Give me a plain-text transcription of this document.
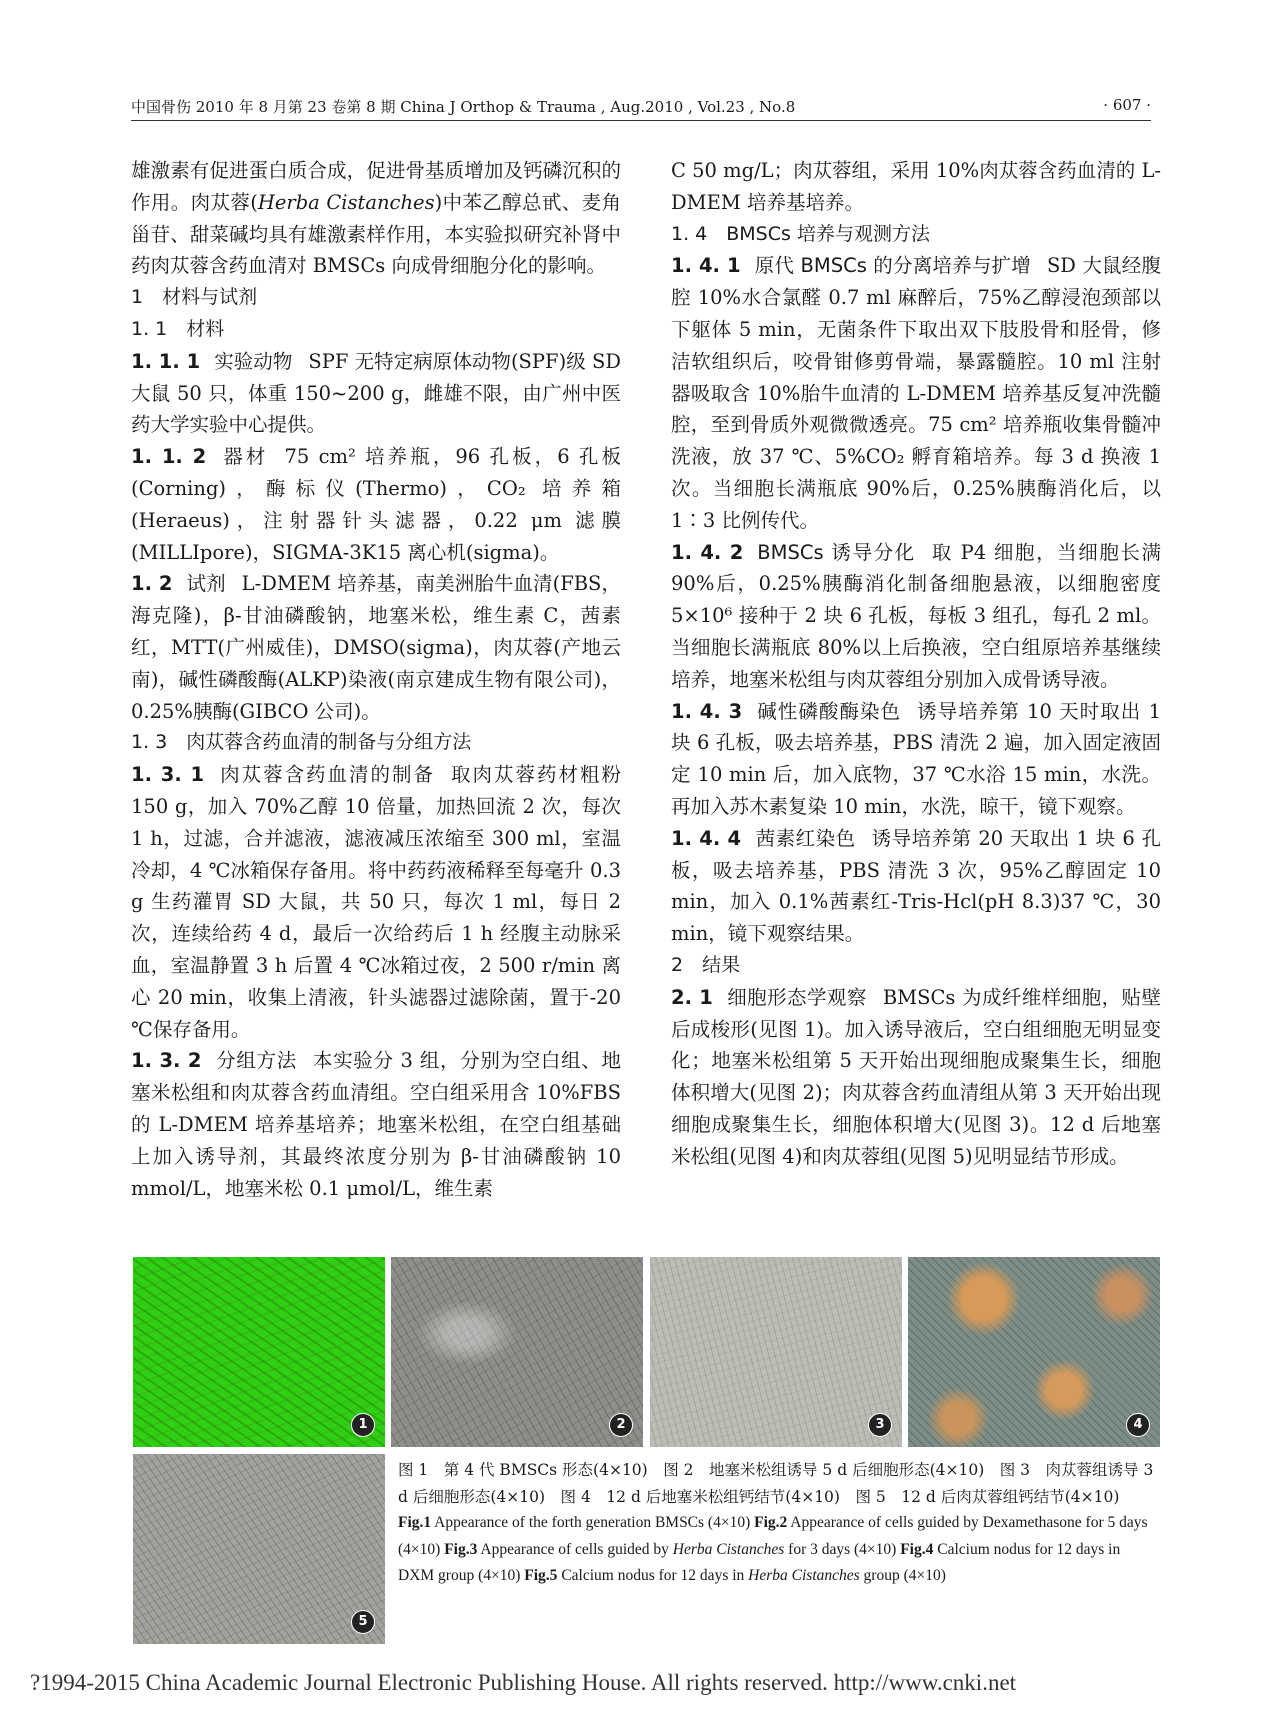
中国骨伤 2010 年 8 月第 23 卷第 8 期 China J Orthop & Trauma , Aug.2010 , Vol.23 , No.8	· 607 ·

雄激素有促进蛋白质合成，促进骨基质增加及钙磷沉积的作用。肉苁蓉(Herba Cistanches)中苯乙醇总甙、麦角甾苷、甜菜碱均具有雄激素样作用，本实验拟研究补肾中药肉苁蓉含药血清对 BMSCs 向成骨细胞分化的影响。

1　材料与试剂

1. 1　材料

1. 1. 1 实验动物 SPF 无特定病原体动物(SPF)级 SD 大鼠 50 只，体重 150~200 g，雌雄不限，由广州中医药大学实验中心提供。

1. 1. 2 器材 75 cm² 培养瓶，96 孔板，6 孔板(Corning)，酶标仪(Thermo)，CO₂ 培养箱 (Heraeus)，注射器针头滤器，0.22 μm 滤膜 (MILLIpore)，SIGMA-3K15 离心机(sigma)。

1. 2 试剂 L-DMEM 培养基，南美洲胎牛血清(FBS，海克隆)，β-甘油磷酸钠，地塞米松，维生素 C，茜素红，MTT(广州威佳)，DMSO(sigma)，肉苁蓉(产地云南)，碱性磷酸酶(ALKP)染液(南京建成生物有限公司)，0.25%胰酶(GIBCO 公司)。

1. 3　肉苁蓉含药血清的制备与分组方法

1. 3. 1 肉苁蓉含药血清的制备 取肉苁蓉药材粗粉 150 g，加入 70%乙醇 10 倍量，加热回流 2 次，每次 1 h，过滤，合并滤液，滤液减压浓缩至 300 ml，室温冷却，4 ℃冰箱保存备用。将中药药液稀释至每毫升 0.3 g 生药灌胃 SD 大鼠，共 50 只，每次 1 ml，每日 2 次，连续给药 4 d，最后一次给药后 1 h 经腹主动脉采血，室温静置 3 h 后置 4 ℃冰箱过夜，2 500 r/min 离心 20 min，收集上清液，针头滤器过滤除菌，置于-20 ℃保存备用。

1. 3. 2 分组方法 本实验分 3 组，分别为空白组、地塞米松组和肉苁蓉含药血清组。空白组采用含 10%FBS 的 L-DMEM 培养基培养；地塞米松组，在空白组基础上加入诱导剂，其最终浓度分别为 β-甘油磷酸钠 10 mmol/L，地塞米松 0.1 μmol/L，维生素

C 50 mg/L；肉苁蓉组，采用 10%肉苁蓉含药血清的 L-DMEM 培养基培养。

1. 4　BMSCs 培养与观测方法

1. 4. 1 原代 BMSCs 的分离培养与扩增 SD 大鼠经腹腔 10%水合氯醛 0.7 ml 麻醉后，75%乙醇浸泡颈部以下躯体 5 min，无菌条件下取出双下肢股骨和胫骨，修洁软组织后，咬骨钳修剪骨端，暴露髓腔。10 ml 注射器吸取含 10%胎牛血清的 L-DMEM 培养基反复冲洗髓腔，至到骨质外观微微透亮。75 cm² 培养瓶收集骨髓冲洗液，放 37 ℃、5%CO₂ 孵育箱培养。每 3 d 换液 1 次。当细胞长满瓶底 90%后，0.25%胰酶消化后，以 1∶3 比例传代。

1. 4. 2 BMSCs 诱导分化 取 P4 细胞，当细胞长满 90%后，0.25%胰酶消化制备细胞悬液，以细胞密度 5×10⁶ 接种于 2 块 6 孔板，每板 3 组孔，每孔 2 ml。当细胞长满瓶底 80%以上后换液，空白组原培养基继续培养，地塞米松组与肉苁蓉组分别加入成骨诱导液。

1. 4. 3 碱性磷酸酶染色 诱导培养第 10 天时取出 1 块 6 孔板，吸去培养基，PBS 清洗 2 遍，加入固定液固定 10 min 后，加入底物，37 ℃水浴 15 min，水洗。再加入苏木素复染 10 min，水洗，晾干，镜下观察。

1. 4. 4 茜素红染色 诱导培养第 20 天取出 1 块 6 孔板，吸去培养基，PBS 清洗 3 次，95%乙醇固定 10 min，加入 0.1%茜素红-Tris-Hcl(pH 8.3)37 ℃，30 min，镜下观察结果。

2　结果

2. 1 细胞形态学观察 BMSCs 为成纤维样细胞，贴壁后成梭形(见图 1)。加入诱导液后，空白组细胞无明显变化；地塞米松组第 5 天开始出现细胞成聚集生长，细胞体积增大(见图 2)；肉苁蓉含药血清组从第 3 天开始出现细胞成聚集生长，细胞体积增大(见图 3)。12 d 后地塞米松组(见图 4)和肉苁蓉组(见图 5)见明显结节形成。

1	2	3	4
5

图 1　第 4 代 BMSCs 形态(4×10)　图 2　地塞米松组诱导 5 d 后细胞形态(4×10)　图 3　肉苁蓉组诱导 3 d 后细胞形态(4×10)　图 4　12 d 后地塞米松组钙结节(4×10)　图 5　12 d 后肉苁蓉组钙结节(4×10)

Fig.1 Appearance of the forth generation BMSCs (4×10) Fig.2 Appearance of cells guided by Dexamethasone for 5 days (4×10) Fig.3 Appearance of cells guided by Herba Cistanches for 3 days (4×10) Fig.4 Calcium nodus for 12 days in DXM group (4×10) Fig.5 Calcium nodus for 12 days in Herba Cistanches group (4×10)

?1994-2015 China Academic Journal Electronic Publishing House. All rights reserved. http://www.cnki.net
